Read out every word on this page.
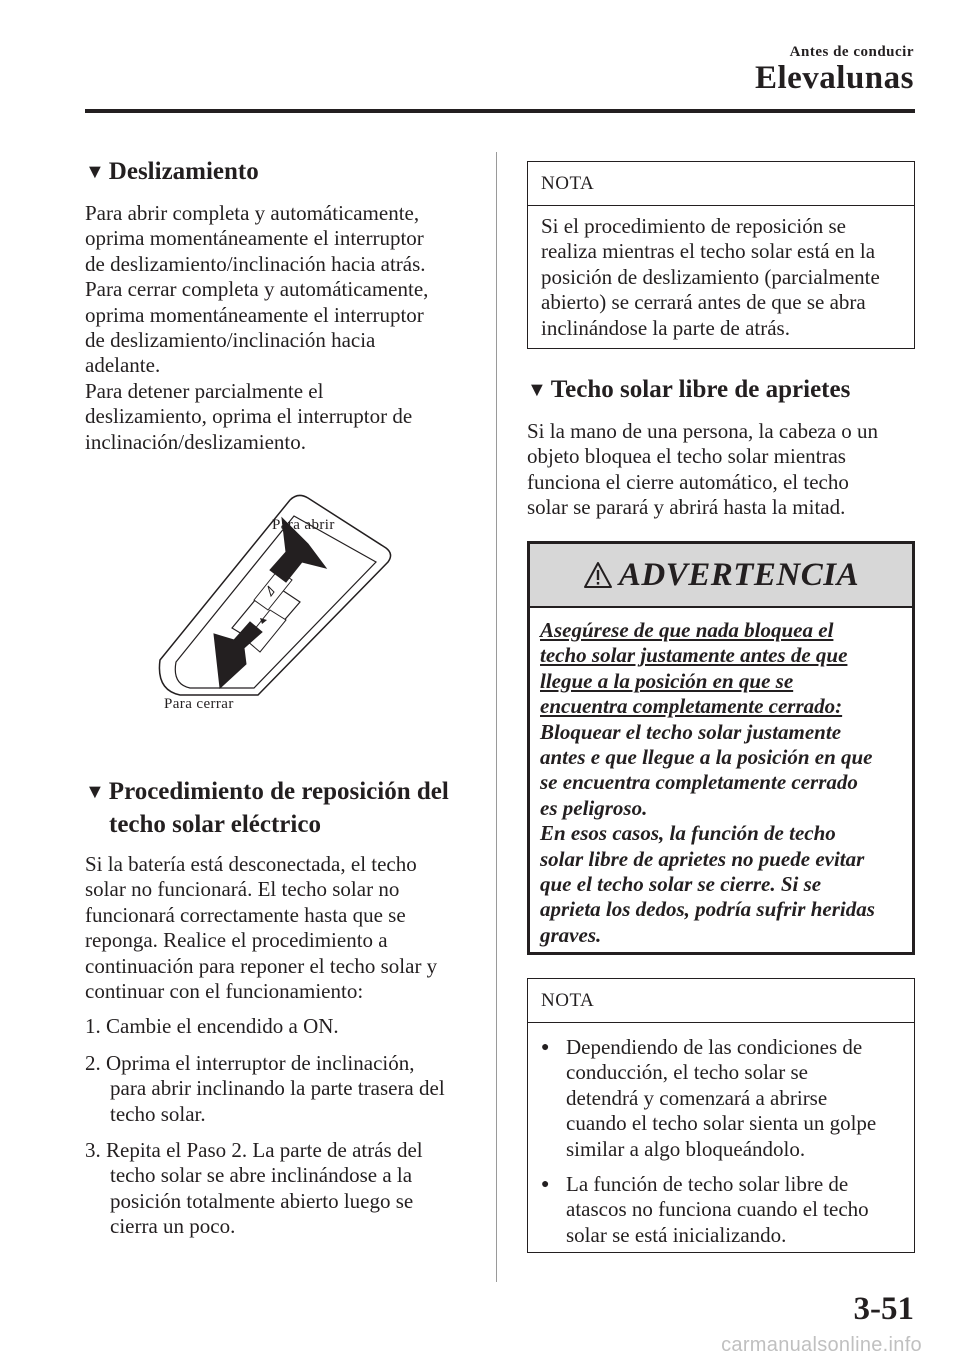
Antes de conducir
Elevalunas
▼ Deslizamiento

Para abrir completa y automáticamente,

oprima momentáneamente el interruptor

de deslizamiento/inclinación hacia atrás.

Para cerrar completa y automáticamente,

oprima momentáneamente el interruptor

de deslizamiento/inclinación hacia

adelante.

Para detener parcialmente el

deslizamiento, oprima el interruptor de

inclinación/deslizamiento.

Para abrir
Para cerrar
▼ Procedimiento de reposición del
techo solar eléctrico

Si la batería está desconectada, el techo

solar no funcionará. El techo solar no

funcionará correctamente hasta que se

reponga. Realice el procedimiento a

continuación para reponer el techo solar y

continuar con el funcionamiento:

1. Cambie el encendido a ON.

2. Oprima el interruptor de inclinación,

para abrir inclinando la parte trasera del

techo solar.

3. Repita el Paso 2. La parte de atrás del

techo solar se abre inclinándose a la

posición totalmente abierto luego se

cierra un poco.

NOTA
Si el procedimiento de reposición se
realiza mientras el techo solar está en la
posición de deslizamiento (parcialmente
abierto) se cerrará antes de que se abra
inclinándose la parte de atrás.
▼ Techo solar libre de aprietes

Si la mano de una persona, la cabeza o un

objeto bloquea el techo solar mientras

funciona el cierre automático, el techo

solar se parará y abrirá hasta la mitad.

ADVERTENCIA
Asegúrese de que nada bloquea el
techo solar justamente antes de que
llegue a la posición en que se
encuentra completamente cerrado:
Bloquear el techo solar justamente
antes e que llegue a la posición en que
se encuentra completamente cerrado
es peligroso.
En esos casos, la función de techo
solar libre de aprietes no puede evitar
que el techo solar se cierre. Si se
aprieta los dedos, podría sufrir heridas
graves.
NOTA
● Dependiendo de las condiciones de
conducción, el techo solar se
detendrá y comenzará a abrirse
cuando el techo solar sienta un golpe
similar a algo bloqueándolo.
● La función de techo solar libre de
atascos no funciona cuando el techo
solar se está inicializando.
3-51
carmanualsonline.info
